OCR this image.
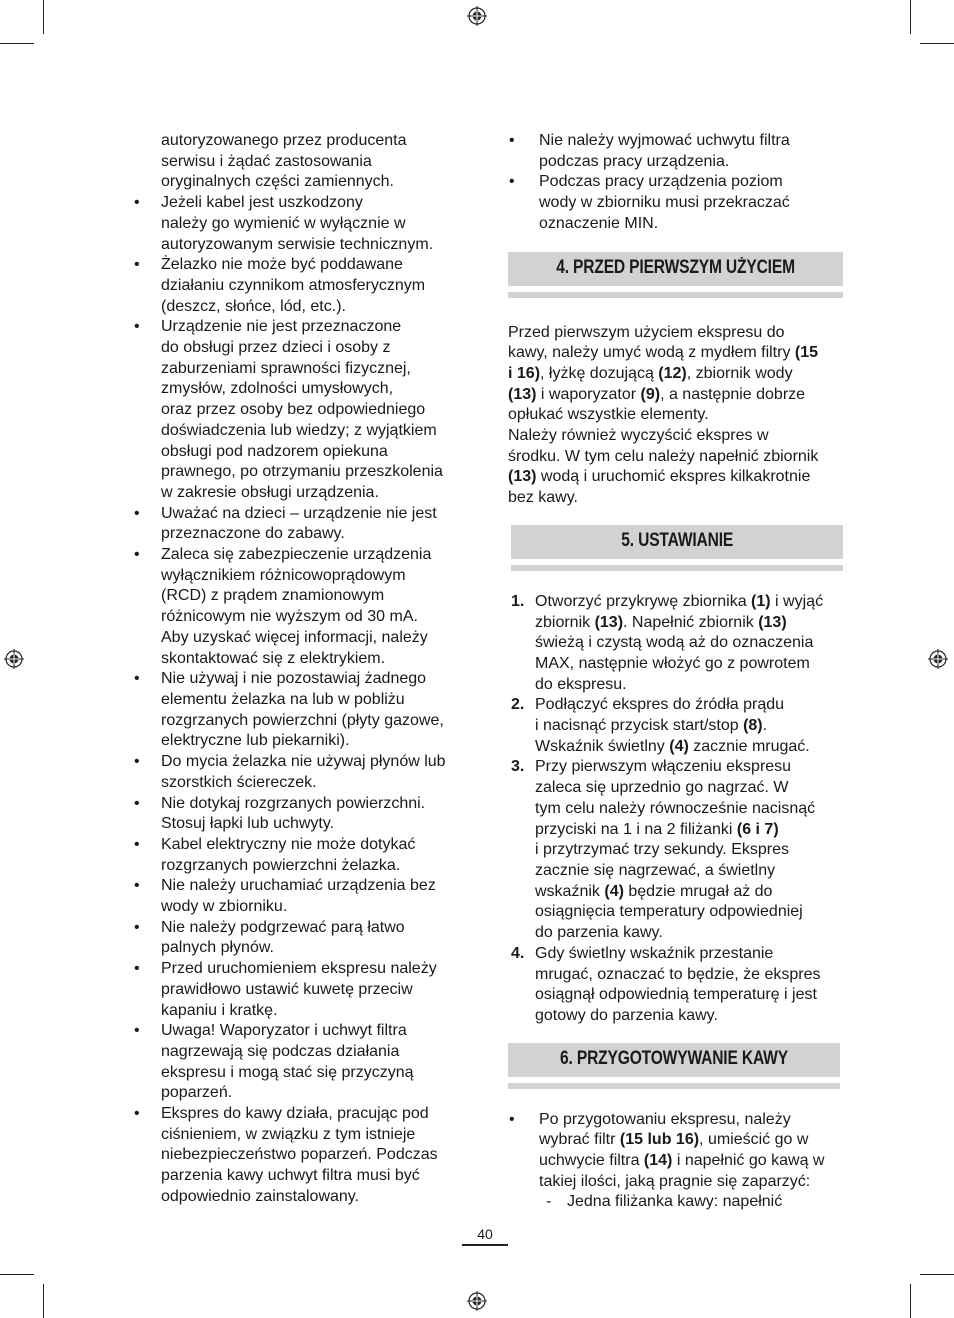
autoryzowanego przez producenta
serwisu i żądać zastosowania
oryginalnych części zamiennych.
• Jeżeli kabel jest uszkodzony
należy go wymienić w wyłącznie w
autoryzowanym serwisie technicznym.
• Żelazko nie może być poddawane
działaniu czynnikom atmosferycznym
(deszcz, słońce, lód, etc.).
• Urządzenie nie jest przeznaczone
do obsługi przez dzieci i osoby z
zaburzeniami sprawności fizycznej,
zmysłów, zdolności umysłowych,
oraz przez osoby bez odpowiedniego
doświadczenia lub wiedzy; z wyjątkiem
obsługi pod nadzorem opiekuna
prawnego, po otrzymaniu przeszkolenia
w zakresie obsługi urządzenia.
• Uważać na dzieci – urządzenie nie jest
przeznaczone do zabawy.
• Zaleca się zabezpieczenie urządzenia
wyłącznikiem różnicowoprądowym
(RCD) z prądem znamionowym
różnicowym nie wyższym od 30 mA.
Aby uzyskać więcej informacji, należy
skontaktować się z elektrykiem.
• Nie używaj i nie pozostawiaj żadnego
elementu żelazka na lub w pobliżu
rozgrzanych powierzchni (płyty gazowe,
elektryczne lub piekarniki).
• Do mycia żelazka nie używaj płynów lub
szorstkich ściereczek.
• Nie dotykaj rozgrzanych powierzchni.
Stosuj łapki lub uchwyty.
• Kabel elektryczny nie może dotykać
rozgrzanych powierzchni żelazka.
• Nie należy uruchamiać urządzenia bez
wody w zbiorniku.
• Nie należy podgrzewać parą łatwo
palnych płynów.
• Przed uruchomieniem ekspresu należy
prawidłowo ustawić kuwetę przeciw
kapaniu i kratkę.
• Uwaga! Waporyzator i uchwyt filtra
nagrzewają się podczas działania
ekspresu i mogą stać się przyczyną
poparzeń.
• Ekspres do kawy działa, pracując pod
ciśnieniem, w związku z tym istnieje
niebezpieczeństwo poparzeń. Podczas
parzenia kawy uchwyt filtra musi być
odpowiednio zainstalowany.
• Nie należy wyjmować uchwytu filtra
podczas pracy urządzenia.
• Podczas pracy urządzenia poziom
wody w zbiorniku musi przekraczać
oznaczenie MIN.
4. PRZED PIERWSZYM UŻYCIEM
Przed pierwszym użyciem ekspresu do
kawy, należy umyć wodą z mydłem filtry (15
i 16), łyżkę dozującą (12), zbiornik wody
(13) i waporyzator (9), a następnie dobrze
opłukać wszystkie elementy.
Należy również wyczyścić ekspres w
środku. W tym celu należy napełnić zbiornik
(13) wodą i uruchomić ekspres kilkakrotnie
bez kawy.
5. USTAWIANIE
1. Otworzyć przykrywę zbiornika (1) i wyjąć
zbiornik (13). Napełnić zbiornik (13)
świeżą i czystą wodą aż do oznaczenia
MAX, następnie włożyć go z powrotem
do ekspresu.
2. Podłączyć ekspres do źródła prądu
i nacisnąć przycisk start/stop (8).
Wskaźnik świetlny (4) zacznie mrugać.
3. Przy pierwszym włączeniu ekspresu
zaleca się uprzednio go nagrzać. W
tym celu należy równocześnie nacisnąć
przyciski na 1 i na 2 filiżanki (6 i 7)
i przytrzymać trzy sekundy. Ekspres
zacznie się nagrzewać, a świetlny
wskaźnik (4) będzie mrugał aż do
osiągnięcia temperatury odpowiedniej
do parzenia kawy.
4. Gdy świetlny wskaźnik przestanie
mrugać, oznaczać to będzie, że ekspres
osiągnął odpowiednią temperaturę i jest
gotowy do parzenia kawy.
6. PRZYGOTOWYWANIE KAWY
• Po przygotowaniu ekspresu, należy
wybrać filtr (15 lub 16), umieścić go w
uchwycie filtra (14) i napełnić go kawą w
takiej ilości, jaką pragnie się zaparzyć:
- Jedna filiżanka kawy: napełnić
40
